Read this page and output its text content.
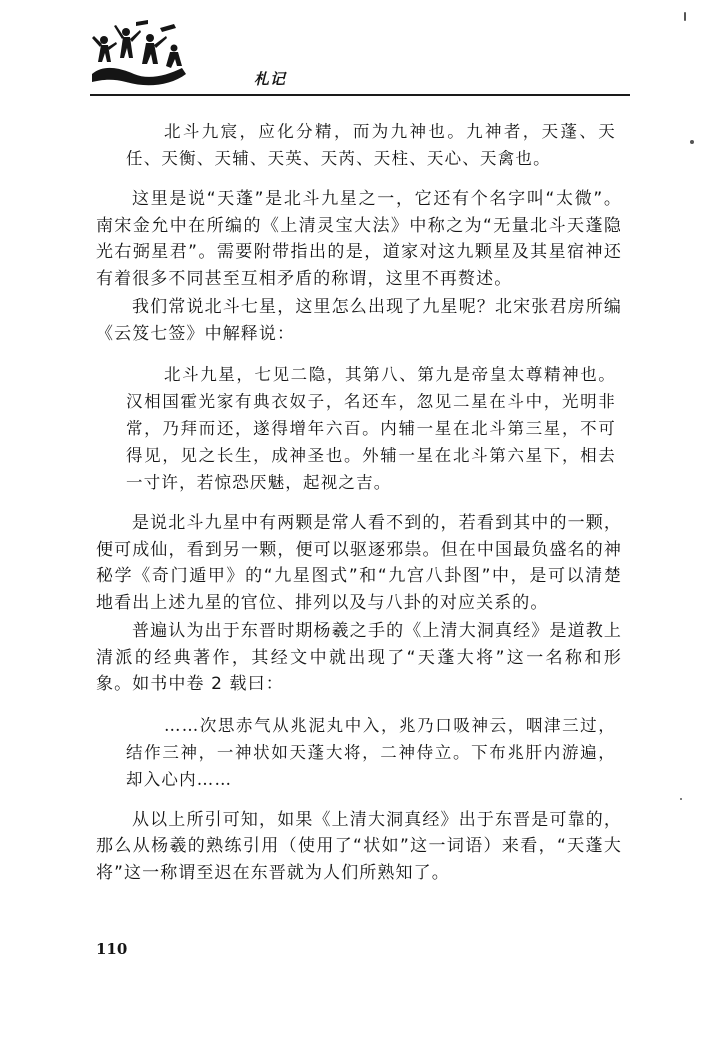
札记

北斗九宸，应化分精，而为九神也。九神者，天蓬、天任、天衡、天辅、天英、天芮、天柱、天心、天禽也。

这里是说“天蓬”是北斗九星之一，它还有个名字叫“太微”。南宋金允中在所编的《上清灵宝大法》中称之为“无量北斗天蓬隐光右弼星君”。需要附带指出的是，道家对这九颗星及其星宿神还有着很多不同甚至互相矛盾的称谓，这里不再赘述。

我们常说北斗七星，这里怎么出现了九星呢？北宋张君房所编《云笈七签》中解释说：

北斗九星，七见二隐，其第八、第九是帝皇太尊精神也。汉相国霍光家有典衣奴子，名还车，忽见二星在斗中，光明非常，乃拜而还，遂得增年六百。内辅一星在北斗第三星，不可得见，见之长生，成神圣也。外辅一星在北斗第六星下，相去一寸许，若惊恐厌魅，起视之吉。

是说北斗九星中有两颗是常人看不到的，若看到其中的一颗，便可成仙，看到另一颗，便可以驱逐邪祟。但在中国最负盛名的神秘学《奇门遁甲》的“九星图式”和“九宫八卦图”中，是可以清楚地看出上述九星的官位、排列以及与八卦的对应关系的。

普遍认为出于东晋时期杨羲之手的《上清大洞真经》是道教上清派的经典著作，其经文中就出现了“天蓬大将”这一名称和形象。如书中卷 2 载曰：

……次思赤气从兆泥丸中入，兆乃口吸神云，咽津三过，结作三神，一神状如天蓬大将，二神侍立。下布兆肝内游遍，却入心内……

从以上所引可知，如果《上清大洞真经》出于东晋是可靠的，那么从杨羲的熟练引用（使用了“状如”这一词语）来看，“天蓬大将”这一称谓至迟在东晋就为人们所熟知了。

110
